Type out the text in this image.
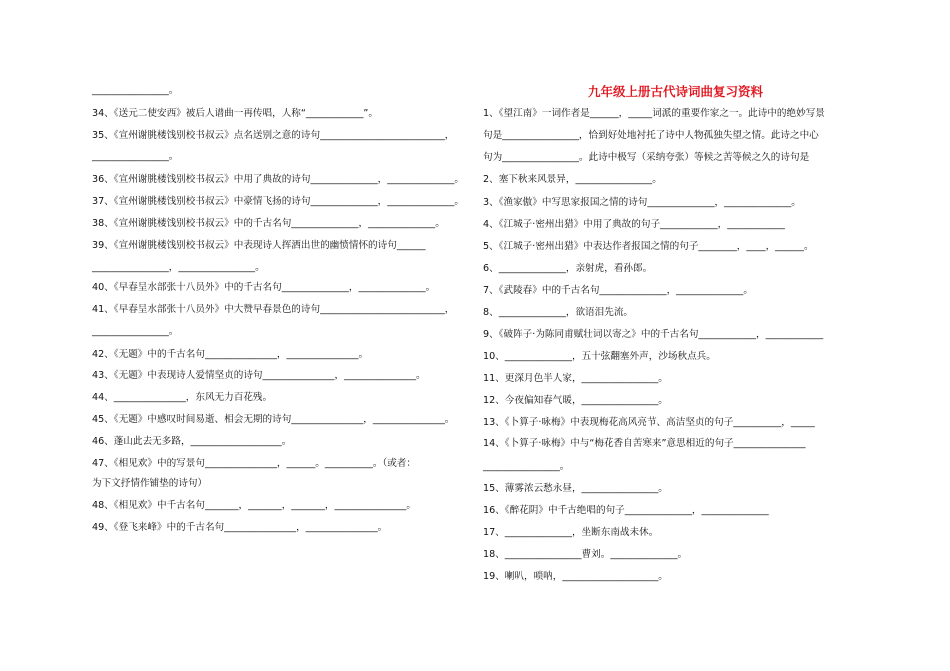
________________。
34、《送元二使安西》被后人谱曲一再传唱，人称“____________”。
35、《宣州谢朓楼饯别校书叔云》点名送别之意的诗句__________________________，
________________。
36、《宣州谢朓楼饯别校书叔云》中用了典故的诗句______________，______________。
37、《宣州谢朓楼饯别校书叔云》中豪情飞扬的诗句______________，______________。
38、《宣州谢朓楼饯别校书叔云》中的千古名句______________，______________。
39、《宣州谢朓楼饯别校书叔云》中表现诗人挥洒出世的幽愤情怀的诗句______
________________，________________。
40、《早春呈水部张十八员外》中的千古名句______________，______________。
41、《早春呈水部张十八员外》中大赞早春景色的诗句__________________________，
________________。
42、《无题》中的千古名句_______________，_______________。
43、《无题》中表现诗人爱情坚贞的诗句_______________，_______________。
44、_______________，东风无力百花残。
45、《无题》中感叹时间易逝、相会无期的诗句_______________，_______________。
46、蓬山此去无多路，___________________。
47、《相见欢》中的写景句_______________，______。__________。（或者：
为下文抒情作铺垫的诗句）
48、《相见欢》中千古名句_______，_______，_______，_______________。
49、《登飞来峰》中的千古名句_______________，_______________。
九年级上册古代诗词曲复习资料
1、《望江南》一词作者是______，_____词派的重要作家之一。此诗中的绝妙写景
句是________________，恰到好处地衬托了诗中人物孤独失望之情。此诗之中心
句为________________。此诗中极写（采纳夸张）等候之苦等候之久的诗句是
2、塞下秋来风景异，________________。
3、《渔家傲》中写思家报国之情的诗句______________，______________。
4、《江城子·密州出猎》中用了典故的句子____________，____________
5、《江城子·密州出猎》中表达作者报国之情的句子________，____，______。
6、______________，亲射虎，看孙郎。
7、《武陵春》中的千古名句______________，______________。
8、______________，欲语泪先流。
9、《破阵子·为陈同甫赋壮词以寄之》中的千古名句____________，____________
10、______________，五十弦翻塞外声，沙场秋点兵。
11、更深月色半人家，________________。
12、今夜偏知春气暖，________________。
13、《卜算子·咏梅》中表现梅花高风亮节、高洁坚贞的句子__________，_____
14、《卜算子·咏梅》中与“梅花香自苦寒来”意思相近的句子_______________
________________。
15、薄雾浓云愁永昼，________________。
16、《醉花阴》中千古绝唱的句子______________，______________
17、______________，坐断东南战未休。
18、________________曹刘。______________。
19、喇叭，唢呐，____________________。
